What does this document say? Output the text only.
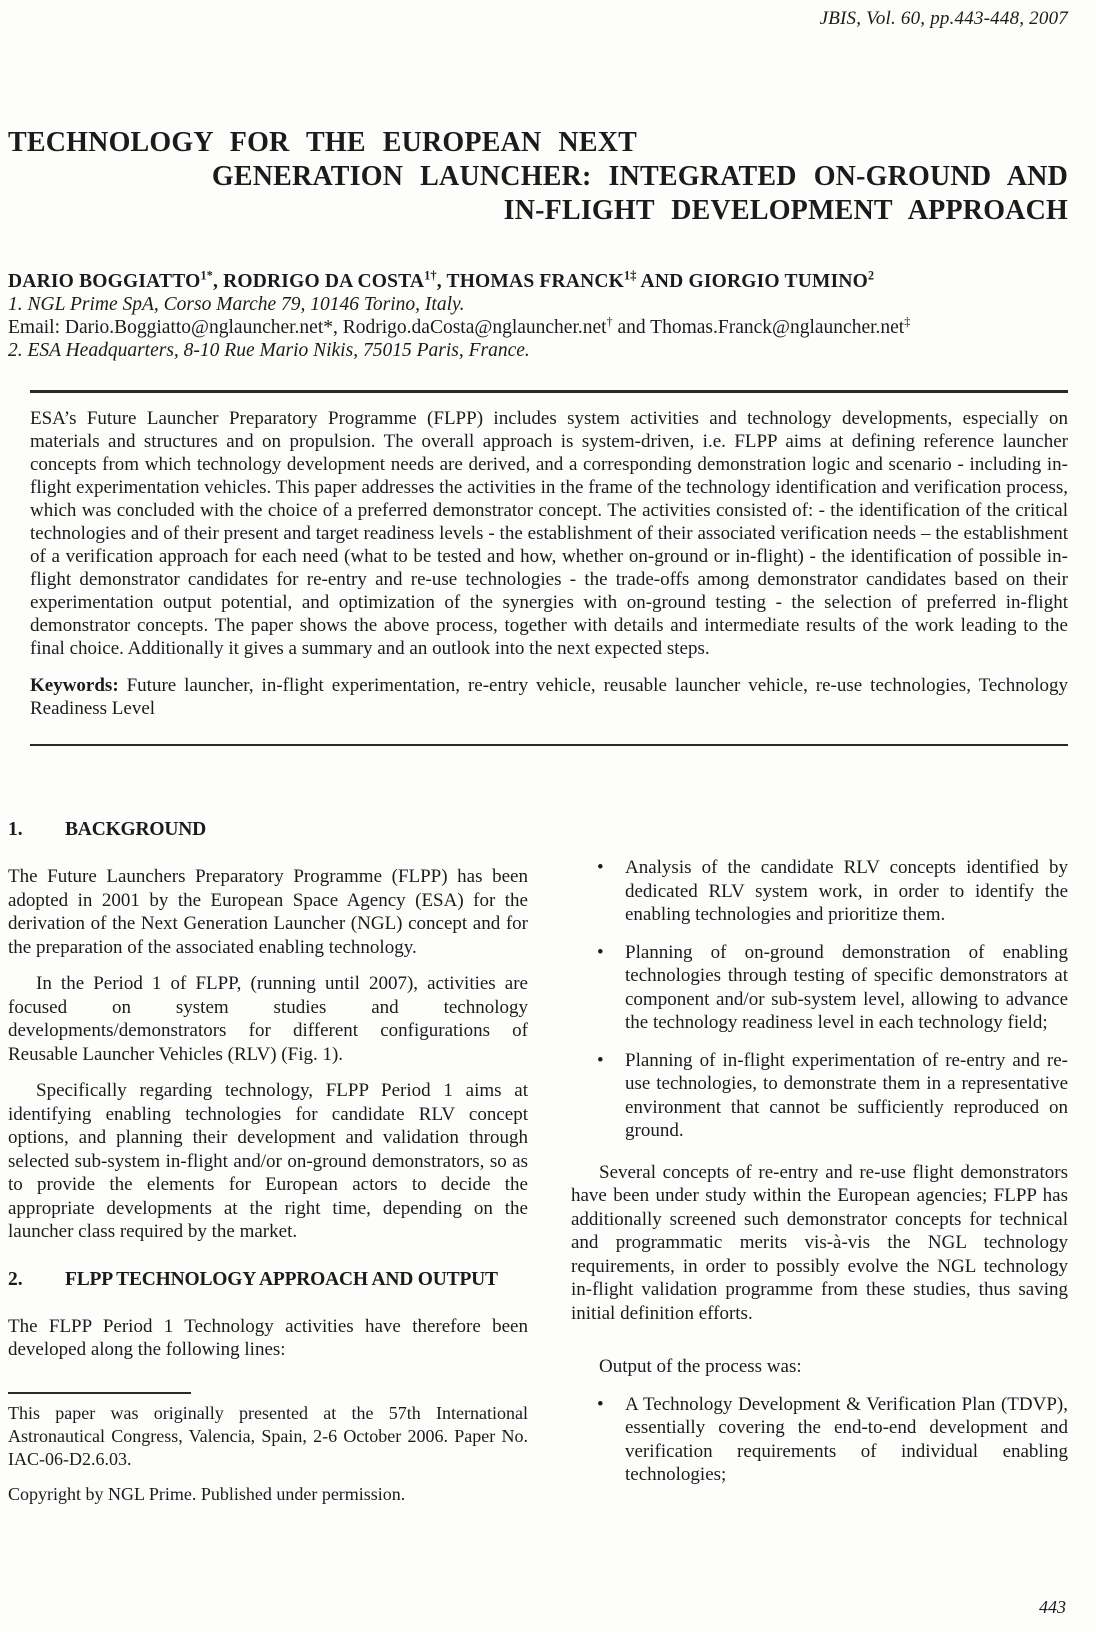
JBIS, Vol. 60, pp.443-448, 2007
TECHNOLOGY FOR THE EUROPEAN NEXT
GENERATION LAUNCHER: INTEGRATED ON-GROUND AND
IN-FLIGHT DEVELOPMENT APPROACH
DARIO $BOGGIATTO^{1*}$, RODRIGO DA $COSTA^{1\dagger}$, THOMAS $FRANCK^{1\ddagger}$ AND GIORGIO TUMINO$^2$
1. NGL Prime SpA, Corso Marche 79, 10146 Torino, Italy.
Email: Dario.Boggiatto@nglauncher.net*, Rodrigo.daCosta@nglauncher.net† and Thomas.Franck@nglauncher.net‡
2. ESA Headquarters, 8-10 Rue Mario Nikis, 75015 Paris, France.
ESA’s Future Launcher Preparatory Programme (FLPP) includes system activities and technology developments, especially on materials and structures and on propulsion. The overall approach is system-driven, i.e. FLPP aims at defining reference launcher concepts from which technology development needs are derived, and a corresponding demonstration logic and scenario - including in-flight experimentation vehicles. This paper addresses the activities in the frame of the technology identification and verification process, which was concluded with the choice of a preferred demonstrator concept. The activities consisted of: - the identification of the critical technologies and of their present and target readiness levels - the establishment of their associated verification needs – the establishment of a verification approach for each need (what to be tested and how, whether on-ground or in-flight) - the identification of possible in-flight demonstrator candidates for re-entry and re-use technologies - the trade-offs among demonstrator candidates based on their experimentation output potential, and optimization of the synergies with on-ground testing - the selection of preferred in-flight demonstrator concepts. The paper shows the above process, together with details and intermediate results of the work leading to the final choice. Additionally it gives a summary and an outlook into the next expected steps.
Keywords: Future launcher, in-flight experimentation, re-entry vehicle, reusable launcher vehicle, re-use technologies, Technology Readiness Level
1.	BACKGROUND

The Future Launchers Preparatory Programme (FLPP) has been adopted in 2001 by the European Space Agency (ESA) for the derivation of the Next Generation Launcher (NGL) concept and for the preparation of the associated enabling technology.

In the Period 1 of FLPP, (running until 2007), activities are focused on system studies and technology developments/demonstrators for different configurations of Reusable Launcher Vehicles (RLV) (Fig. 1).

Specifically regarding technology, FLPP Period 1 aims at identifying enabling technologies for candidate RLV concept options, and planning their development and validation through selected sub-system in-flight and/or on-ground demonstrators, so as to provide the elements for European actors to decide the appropriate developments at the right time, depending on the launcher class required by the market.

2.	FLPP TECHNOLOGY APPROACH AND OUTPUT

The FLPP Period 1 Technology activities have therefore been developed along the following lines:

This paper was originally presented at the 57th International Astronautical Congress, Valencia, Spain, 2-6 October 2006. Paper No. IAC-06-D2.6.03.

Copyright by NGL Prime. Published under permission.

•	Analysis of the candidate RLV concepts identified by dedicated RLV system work, in order to identify the enabling technologies and prioritize them.
•	Planning of on-ground demonstration of enabling technologies through testing of specific demonstrators at component and/or sub-system level, allowing to advance the technology readiness level in each technology field;
•	Planning of in-flight experimentation of re-entry and re-use technologies, to demonstrate them in a representative environment that cannot be sufficiently reproduced on ground.

Several concepts of re-entry and re-use flight demonstrators have been under study within the European agencies; FLPP has additionally screened such demonstrator concepts for technical and programmatic merits vis-à-vis the NGL technology requirements, in order to possibly evolve the NGL technology in-flight validation programme from these studies, thus saving initial definition efforts.

Output of the process was:

•	A Technology Development & Verification Plan (TDVP), essentially covering the end-to-end development and verification requirements of individual enabling technologies;
443
